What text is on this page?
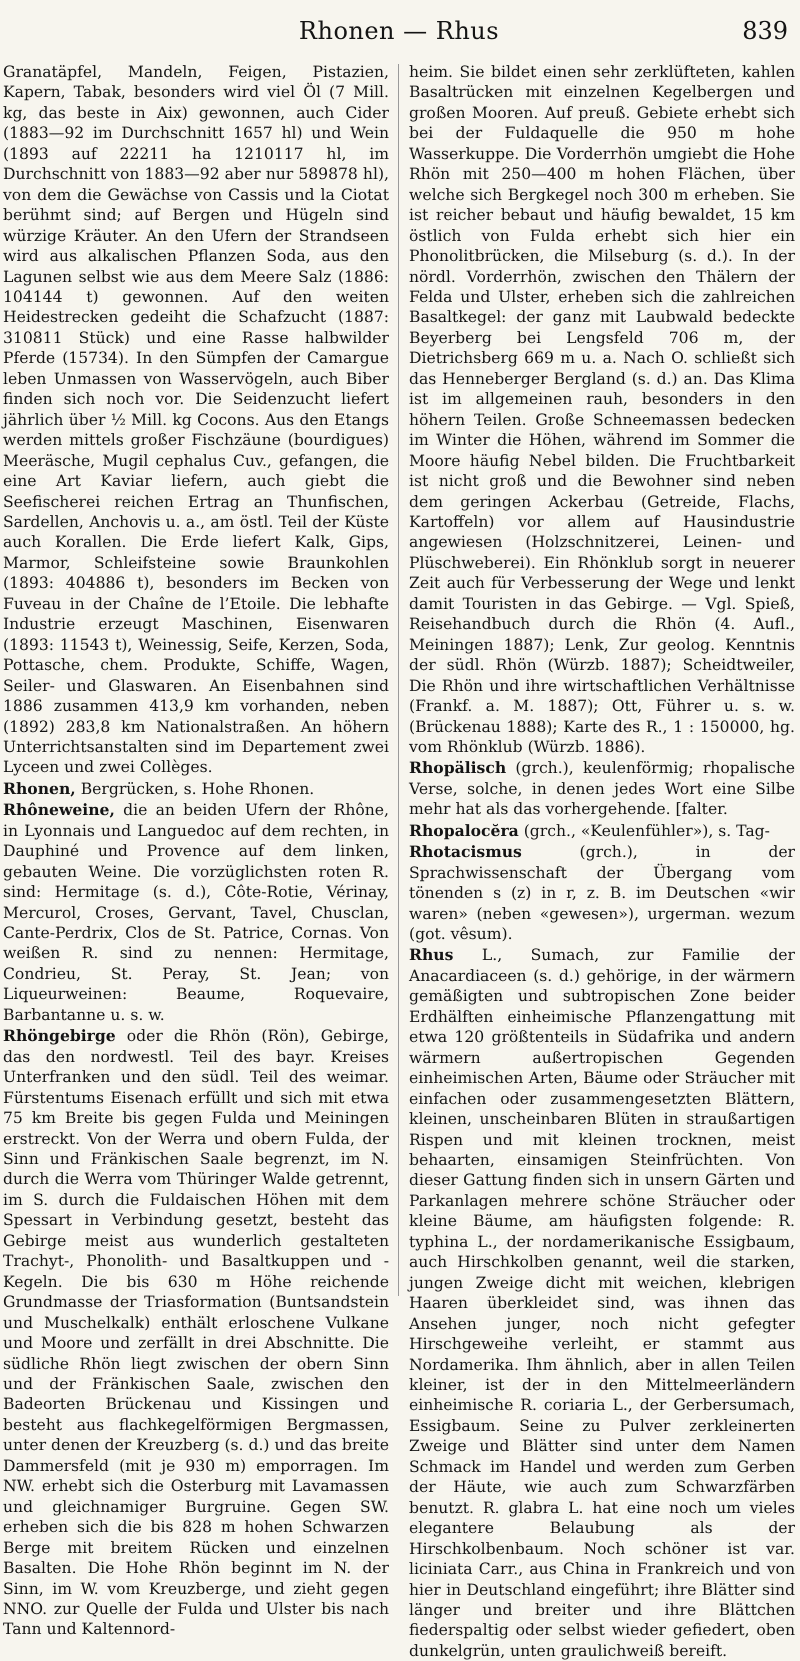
Rhonen — Rhus	839

Granatäpfel, Mandeln, Feigen, Pistazien, Kapern, Tabak, besonders wird viel Öl (7 Mill. kg, das beste in Aix) gewonnen, auch Cider (1883—92 im Durchschnitt 1657 hl) und Wein (1893 auf 22211 ha 1210117 hl, im Durchschnitt von 1883—92 aber nur 589878 hl), von dem die Gewächse von Cassis und la Ciotat berühmt sind; auf Bergen und Hügeln sind würzige Kräuter. An den Ufern der Strandseen wird aus alkalischen Pflanzen Soda, aus den Lagunen selbst wie aus dem Meere Salz (1886: 104144 t) gewonnen. Auf den weiten Heidestrecken gedeiht die Schafzucht (1887: 310811 Stück) und eine Rasse halbwilder Pferde (15734). In den Sümpfen der Camargue leben Unmassen von Wasservögeln, auch Biber finden sich noch vor. Die Seidenzucht liefert jährlich über ½ Mill. kg Cocons. Aus den Etangs werden mittels großer Fischzäune (bourdigues) Meeräsche, Mugil cephalus Cuv., gefangen, die eine Art Kaviar liefern, auch giebt die Seefischerei reichen Ertrag an Thunfischen, Sardellen, Anchovis u. a., am östl. Teil der Küste auch Korallen. Die Erde liefert Kalk, Gips, Marmor, Schleifsteine sowie Braunkohlen (1893: 404886 t), besonders im Becken von Fuveau in der Chaîne de l’Etoile. Die lebhafte Industrie erzeugt Maschinen, Eisenwaren (1893: 11543 t), Weinessig, Seife, Kerzen, Soda, Pottasche, chem. Produkte, Schiffe, Wagen, Seiler- und Glaswaren. An Eisenbahnen sind 1886 zusammen 413,9 km vorhanden, neben (1892) 283,8 km Nationalstraßen. An höhern Unterrichtsanstalten sind im Departement zwei Lyceen und zwei Collèges.

Rhonen, Bergrücken, s. Hohe Rhonen.

Rhôneweine, die an beiden Ufern der Rhône, in Lyonnais und Languedoc auf dem rechten, in Dauphiné und Provence auf dem linken, gebauten Weine. Die vorzüglichsten roten R. sind: Hermitage (s. d.), Côte-Rotie, Vérinay, Mercurol, Croses, Gervant, Tavel, Chusclan, Cante-Perdrix, Clos de St. Patrice, Cornas. Von weißen R. sind zu nennen: Hermitage, Condrieu, St. Peray, St. Jean; von Liqueurweinen: Beaume, Roquevaire, Barbantanne u. s. w.

Rhöngebirge oder die Rhön (Rön), Gebirge, das den nordwestl. Teil des bayr. Kreises Unterfranken und den südl. Teil des weimar. Fürstentums Eisenach erfüllt und sich mit etwa 75 km Breite bis gegen Fulda und Meiningen erstreckt. Von der Werra und obern Fulda, der Sinn und Fränkischen Saale begrenzt, im N. durch die Werra vom Thüringer Walde getrennt, im S. durch die Fuldaischen Höhen mit dem Spessart in Verbindung gesetzt, besteht das Gebirge meist aus wunderlich gestalteten Trachyt-, Phonolith- und Basaltkuppen und -Kegeln. Die bis 630 m Höhe reichende Grundmasse der Triasformation (Buntsandstein und Muschelkalk) enthält erloschene Vulkane und Moore und zerfällt in drei Abschnitte. Die südliche Rhön liegt zwischen der obern Sinn und der Fränkischen Saale, zwischen den Badeorten Brückenau und Kissingen und besteht aus flachkegelförmigen Bergmassen, unter denen der Kreuzberg (s. d.) und das breite Dammersfeld (mit je 930 m) emporragen. Im NW. erhebt sich die Osterburg mit Lavamassen und gleichnamiger Burgruine. Gegen SW. erheben sich die bis 828 m hohen Schwarzen Berge mit breitem Rücken und einzelnen Basalten. Die Hohe Rhön beginnt im N. der Sinn, im W. vom Kreuzberge, und zieht gegen NNO. zur Quelle der Fulda und Ulster bis nach Tann und Kaltennord-

heim. Sie bildet einen sehr zerklüfteten, kahlen Basaltrücken mit einzelnen Kegelbergen und großen Mooren. Auf preuß. Gebiete erhebt sich bei der Fuldaquelle die 950 m hohe Wasserkuppe. Die Vorderrhön umgiebt die Hohe Rhön mit 250—400 m hohen Flächen, über welche sich Bergkegel noch 300 m erheben. Sie ist reicher bebaut und häufig bewaldet, 15 km östlich von Fulda erhebt sich hier ein Phonolitbrücken, die Milseburg (s. d.). In der nördl. Vorderrhön, zwischen den Thälern der Felda und Ulster, erheben sich die zahlreichen Basaltkegel: der ganz mit Laubwald bedeckte Beyerberg bei Lengsfeld 706 m, der Dietrichsberg 669 m u. a. Nach O. schließt sich das Henneberger Bergland (s. d.) an. Das Klima ist im allgemeinen rauh, besonders in den höhern Teilen. Große Schneemassen bedecken im Winter die Höhen, während im Sommer die Moore häufig Nebel bilden. Die Fruchtbarkeit ist nicht groß und die Bewohner sind neben dem geringen Ackerbau (Getreide, Flachs, Kartoffeln) vor allem auf Hausindustrie angewiesen (Holzschnitzerei, Leinen- und Plüschweberei). Ein Rhönklub sorgt in neuerer Zeit auch für Verbesserung der Wege und lenkt damit Touristen in das Gebirge. — Vgl. Spieß, Reisehandbuch durch die Rhön (4. Aufl., Meiningen 1887); Lenk, Zur geolog. Kenntnis der südl. Rhön (Würzb. 1887); Scheidtweiler, Die Rhön und ihre wirtschaftlichen Verhältnisse (Frankf. a. M. 1887); Ott, Führer u. s. w. (Brückenau 1888); Karte des R., 1 : 150000, hg. vom Rhönklub (Würzb. 1886).

Rhopälisch (grch.), keulenförmig; rhopalische Verse, solche, in denen jedes Wort eine Silbe mehr hat als das vorhergehende. [falter.

Rhopalocĕra (grch., «Keulenfühler»), s. Tag-

Rhotacismus (grch.), in der Sprachwissenschaft der Übergang vom tönenden s (z) in r, z. B. im Deutschen «wir waren» (neben «gewesen»), urgerman. wezum (got. vêsum).

Rhus L., Sumach, zur Familie der Anacardiaceen (s. d.) gehörige, in der wärmern gemäßigten und subtropischen Zone beider Erdhälften einheimische Pflanzengattung mit etwa 120 größtenteils in Südafrika und andern wärmern außertropischen Gegenden einheimischen Arten, Bäume oder Sträucher mit einfachen oder zusammengesetzten Blättern, kleinen, unscheinbaren Blüten in straußartigen Rispen und mit kleinen trocknen, meist behaarten, einsamigen Steinfrüchten. Von dieser Gattung finden sich in unsern Gärten und Parkanlagen mehrere schöne Sträucher oder kleine Bäume, am häufigsten folgende: R. typhina L., der nordamerikanische Essigbaum, auch Hirschkolben genannt, weil die starken, jungen Zweige dicht mit weichen, klebrigen Haaren überkleidet sind, was ihnen das Ansehen junger, noch nicht gefegter Hirschgeweihe verleiht, er stammt aus Nordamerika. Ihm ähnlich, aber in allen Teilen kleiner, ist der in den Mittelmeerländern einheimische R. coriaria L., der Gerbersumach, Essigbaum. Seine zu Pulver zerkleinerten Zweige und Blätter sind unter dem Namen Schmack im Handel und werden zum Gerben der Häute, wie auch zum Schwarzfärben benutzt. R. glabra L. hat eine noch um vieles elegantere Belaubung als der Hirschkolbenbaum. Noch schöner ist var. liciniata Carr., aus China in Frankreich und von hier in Deutschland eingeführt; ihre Blätter sind länger und breiter und ihre Blättchen fiederspaltig oder selbst wieder gefiedert, oben dunkelgrün, unten graulichweiß bereift.
